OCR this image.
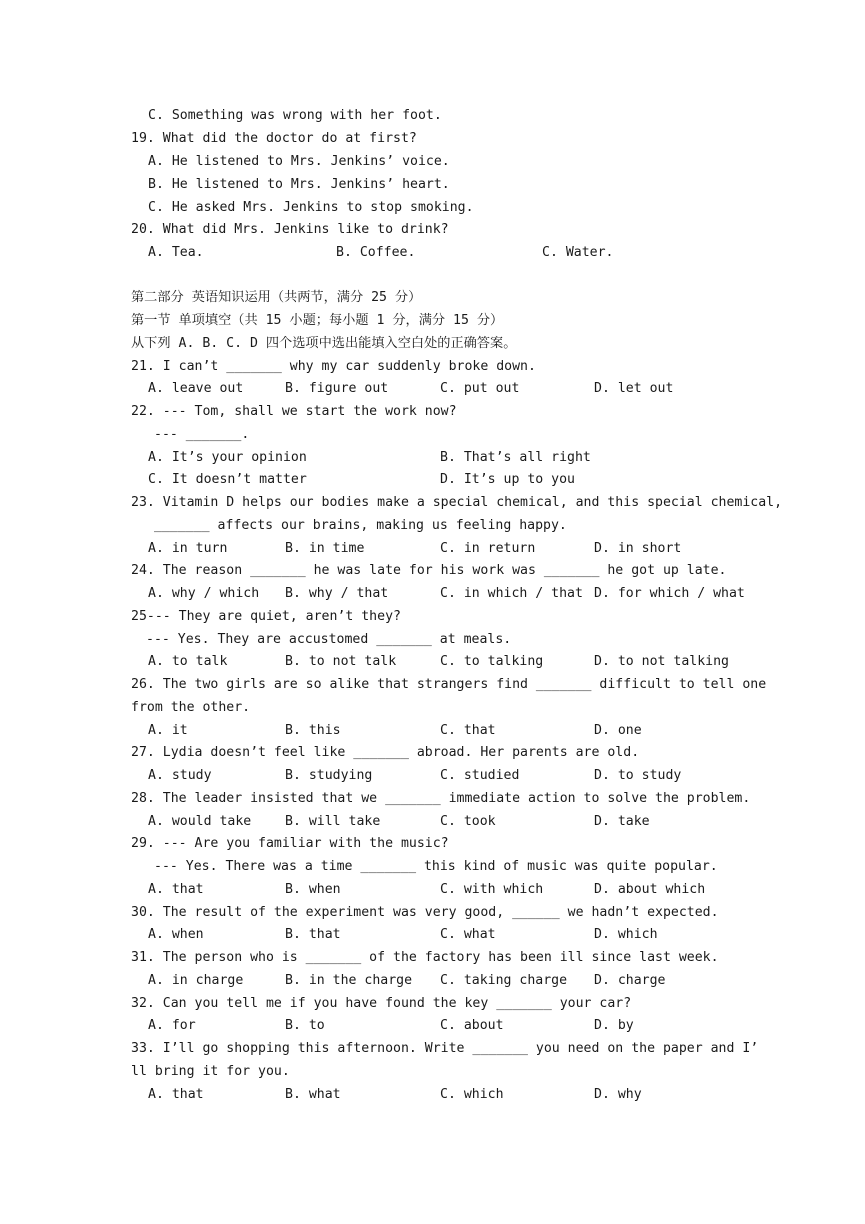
C. Something was wrong with her foot.
19. What did the doctor do at first?
A. He listened to Mrs. Jenkins’ voice.
B. He listened to Mrs. Jenkins’ heart.
C. He asked Mrs. Jenkins to stop smoking.
20. What did Mrs. Jenkins like to drink?
A. Tea.	B. Coffee.	C. Water.
第二部分 英语知识运用（共两节，满分 25 分）
第一节 单项填空（共 15 小题；每小题 1 分，满分 15 分）
从下列 A. B. C. D 四个选项中选出能填入空白处的正确答案。
21. I can’t _______ why my car suddenly broke down.
A. leave out	B. figure out	C. put out	D. let out
22. --- Tom, shall we start the work now?
--- _______.
A. It’s your opinion	B. That’s all right
C. It doesn’t matter	D. It’s up to you
23. Vitamin D helps our bodies make a special chemical, and this special chemical,
_______ affects our brains, making us feeling happy.
A. in turn	B. in time	C. in return	D. in short
24. The reason _______ he was late for his work was _______ he got up late.
A. why / which B. why / that	C. in which / that D. for which / what
25--- They are quiet, aren’t they?
--- Yes. They are accustomed _______ at meals.
A. to talk	B. to not talk	C. to talking	D. to not talking
26. The two girls are so alike that strangers find _______ difficult to tell one
from the other.
A. it	B. this	C. that	D. one
27. Lydia doesn’t feel like _______ abroad. Her parents are old.
A. study	B. studying	C. studied	D. to study
28. The leader insisted that we _______ immediate action to solve the problem.
A. would take	B. will take	C. took	D. take
29. --- Are you familiar with the music?
--- Yes. There was a time _______ this kind of music was quite popular.
A. that	B. when	C. with which	D. about which
30. The result of the experiment was very good, ______ we hadn’t expected.
A. when	B. that	C. what	D. which
31. The person who is _______ of the factory has been ill since last week.
A. in charge	B. in the charge C. taking charge D. charge
32. Can you tell me if you have found the key _______ your car?
A. for	B. to	C. about	D. by
33. I’ll go shopping this afternoon. Write _______ you need on the paper and I’
ll bring it for you.
A. that	B. what	C. which	D. why
